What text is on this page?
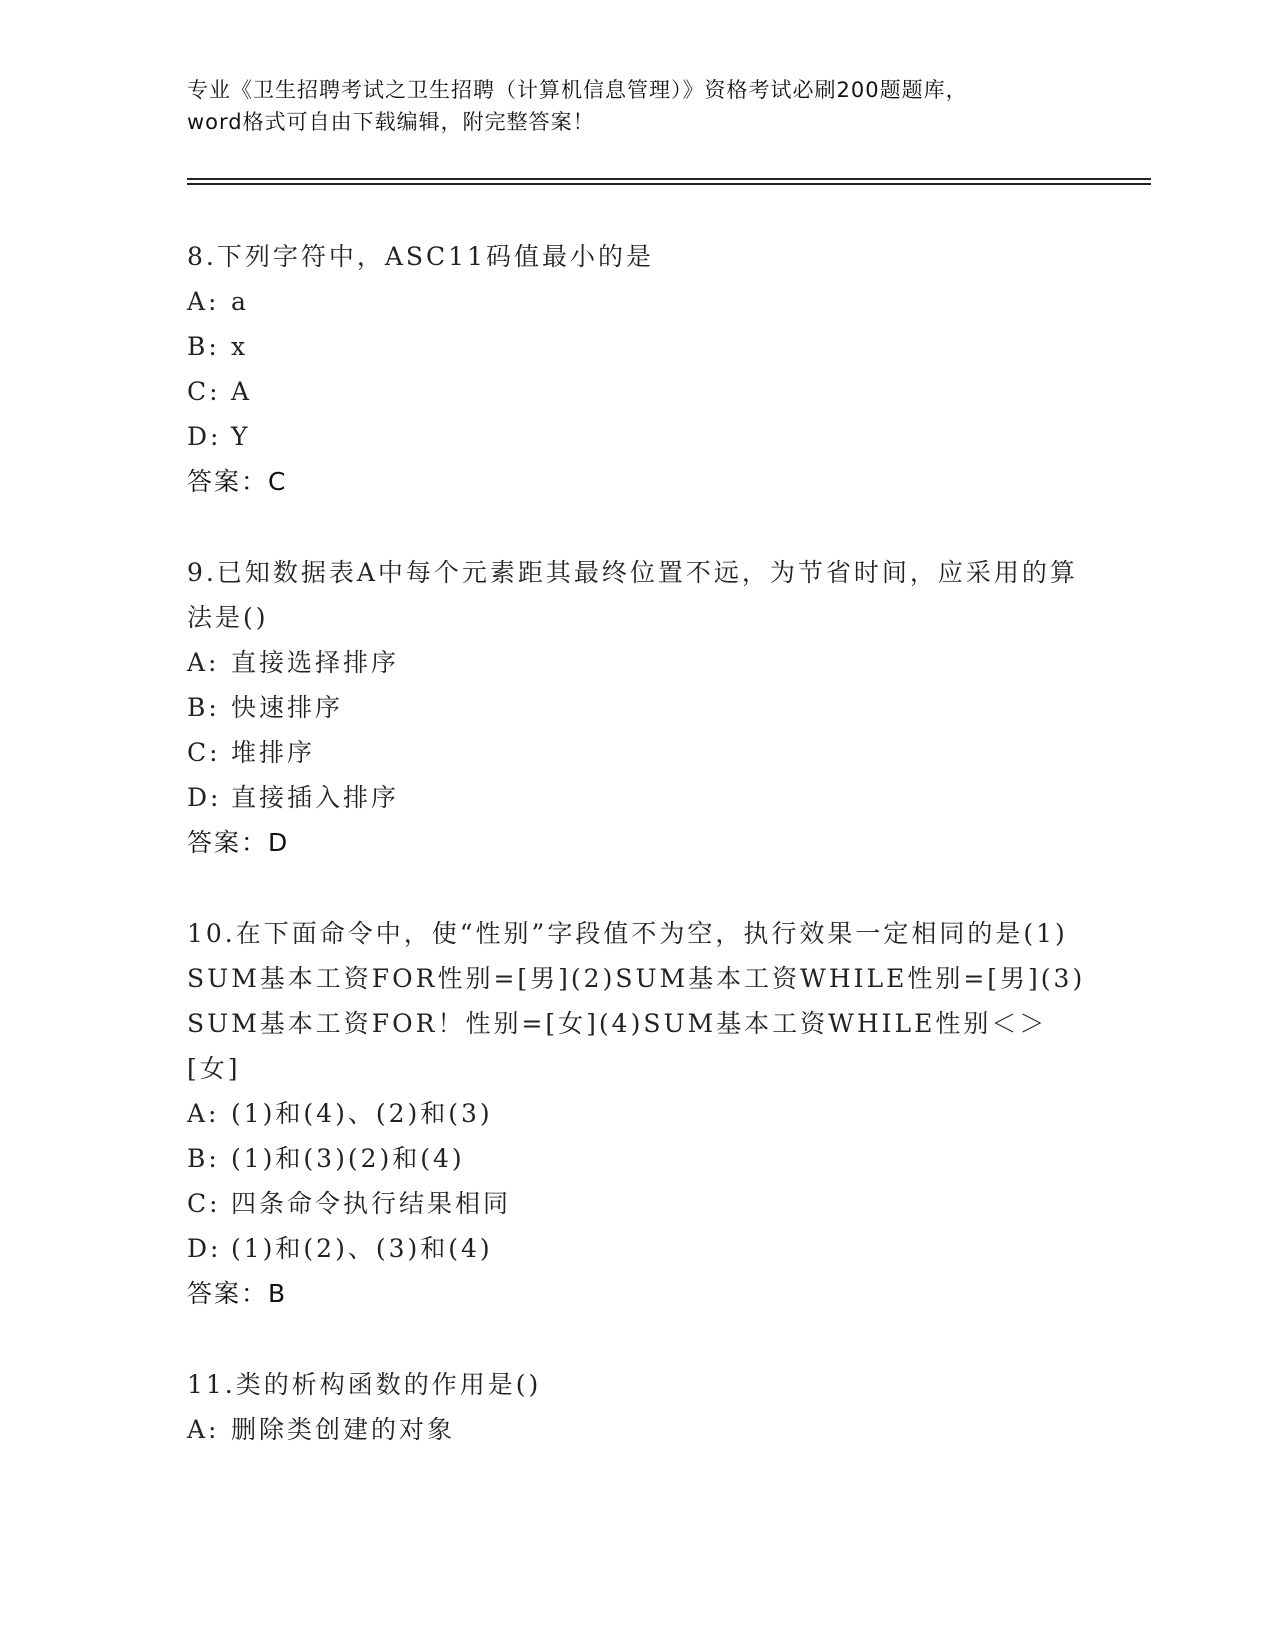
专业《卫生招聘考试之卫生招聘（计算机信息管理）》资格考试必刷200题题库，
word格式可自由下载编辑，附完整答案！
8.下列字符中，ASC11码值最小的是
A: a
B: x
C: A
D: Y
答案：C
9.已知数据表A中每个元素距其最终位置不远，为节省时间，应采用的算法是()
A: 直接选择排序
B: 快速排序
C: 堆排序
D: 直接插入排序
答案：D
10.在下面命令中，使“性别”字段值不为空，执行效果一定相同的是(1)SUM基本工资FOR性别=[男](2)SUM基本工资WHILE性别=[男](3)SUM基本工资FOR！性别=[女](4)SUM基本工资WHILE性别＜＞[女]
A: (1)和(4)、(2)和(3)
B: (1)和(3)(2)和(4)
C: 四条命令执行结果相同
D: (1)和(2)、(3)和(4)
答案：B
11.类的析构函数的作用是()
A: 删除类创建的对象
